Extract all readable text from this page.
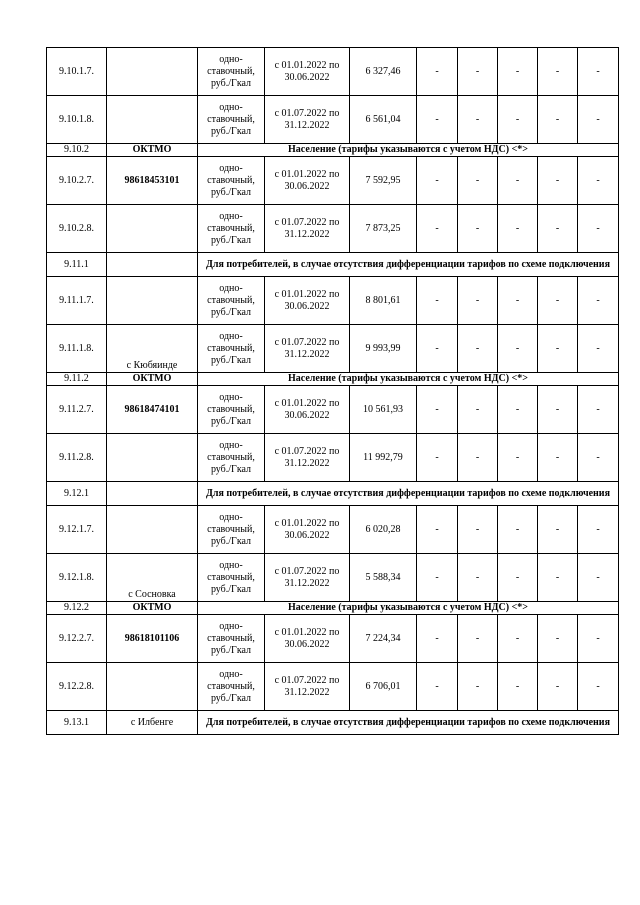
9.10.1.7.		одно-ставочный, руб./Гкал	с 01.01.2022 по 30.06.2022	6 327,46	-	-	-	-	-
9.10.1.8.		одно-ставочный, руб./Гкал	с 01.07.2022 по 31.12.2022	6 561,04	-	-	-	-	-
9.10.2	ОКТМО	Население (тарифы указываются с учетом НДС) <*>							
9.10.2.7.	98618453101	одно-ставочный, руб./Гкал	с 01.01.2022 по 30.06.2022	7 592,95	-	-	-	-	-
9.10.2.8.		одно-ставочный, руб./Гкал	с 01.07.2022 по 31.12.2022	7 873,25	-	-	-	-	-
9.11.1		Для потребителей, в случае отсутствия дифференциации тарифов по схеме подключения							
9.11.1.7.		одно-ставочный, руб./Гкал	с 01.01.2022 по 30.06.2022	8 801,61	-	-	-	-	-
9.11.1.8.	с Кюбяинде	одно-ставочный, руб./Гкал	с 01.07.2022 по 31.12.2022	9 993,99	-	-	-	-	-
9.11.2	ОКТМО	Население (тарифы указываются с учетом НДС) <*>							
9.11.2.7.	98618474101	одно-ставочный, руб./Гкал	с 01.01.2022 по 30.06.2022	10 561,93	-	-	-	-	-
9.11.2.8.		одно-ставочный, руб./Гкал	с 01.07.2022 по 31.12.2022	11 992,79	-	-	-	-	-
9.12.1		Для потребителей, в случае отсутствия дифференциации тарифов по схеме подключения							
9.12.1.7.		одно-ставочный, руб./Гкал	с 01.01.2022 по 30.06.2022	6 020,28	-	-	-	-	-
9.12.1.8.	с Сосновка	одно-ставочный, руб./Гкал	с 01.07.2022 по 31.12.2022	5 588,34	-	-	-	-	-
9.12.2	ОКТМО	Население (тарифы указываются с учетом НДС) <*>							
9.12.2.7.	98618101106	одно-ставочный, руб./Гкал	с 01.01.2022 по 30.06.2022	7 224,34	-	-	-	-	-
9.12.2.8.		одно-ставочный, руб./Гкал	с 01.07.2022 по 31.12.2022	6 706,01	-	-	-	-	-
9.13.1	с Илбенге	Для потребителей, в случае отсутствия дифференциации тарифов по схеме подключения							
